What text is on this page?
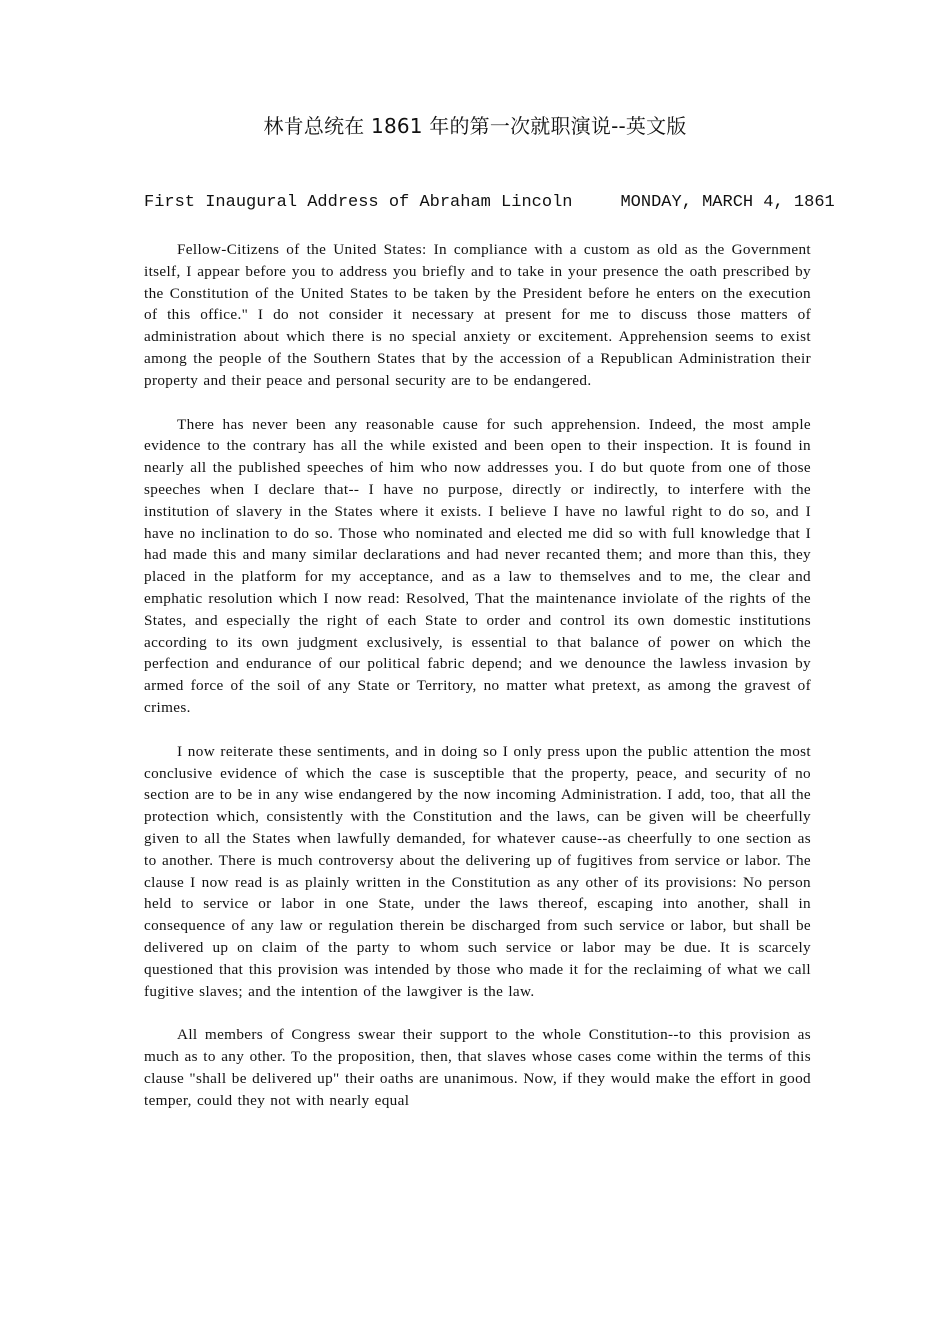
林肯总统在 1861 年的第一次就职演说--英文版
First Inaugural Address of Abraham Lincoln	MONDAY, MARCH 4, 1861

Fellow-Citizens of the United States: In compliance with a custom as old as the Government itself, I appear before you to address you briefly and to take in your presence the oath prescribed by the Constitution of the United States to be taken by the President before he enters on the execution of this office." I do not consider it necessary at present for me to discuss those matters of administration about which there is no special anxiety or excitement. Apprehension seems to exist among the people of the Southern States that by the accession of a Republican Administration their property and their peace and personal security are to be endangered.

There has never been any reasonable cause for such apprehension. Indeed, the most ample evidence to the contrary has all the while existed and been open to their inspection. It is found in nearly all the published speeches of him who now addresses you. I do but quote from one of those speeches when I declare that-- I have no purpose, directly or indirectly, to interfere with the institution of slavery in the States where it exists. I believe I have no lawful right to do so, and I have no inclination to do so. Those who nominated and elected me did so with full knowledge that I had made this and many similar declarations and had never recanted them; and more than this, they placed in the platform for my acceptance, and as a law to themselves and to me, the clear and emphatic resolution which I now read: Resolved, That the maintenance inviolate of the rights of the States, and especially the right of each State to order and control its own domestic institutions according to its own judgment exclusively, is essential to that balance of power on which the perfection and endurance of our political fabric depend; and we denounce the lawless invasion by armed force of the soil of any State or Territory, no matter what pretext, as among the gravest of crimes.

I now reiterate these sentiments, and in doing so I only press upon the public attention the most conclusive evidence of which the case is susceptible that the property, peace, and security of no section are to be in any wise endangered by the now incoming Administration. I add, too, that all the protection which, consistently with the Constitution and the laws, can be given will be cheerfully given to all the States when lawfully demanded, for whatever cause--as cheerfully to one section as to another. There is much controversy about the delivering up of fugitives from service or labor. The clause I now read is as plainly written in the Constitution as any other of its provisions: No person held to service or labor in one State, under the laws thereof, escaping into another, shall in consequence of any law or regulation therein be discharged from such service or labor, but shall be delivered up on claim of the party to whom such service or labor may be due. It is scarcely questioned that this provision was intended by those who made it for the reclaiming of what we call fugitive slaves; and the intention of the lawgiver is the law.

All members of Congress swear their support to the whole Constitution--to this provision as much as to any other. To the proposition, then, that slaves whose cases come within the terms of this clause "shall be delivered up" their oaths are unanimous. Now, if they would make the effort in good temper, could they not with nearly equal
